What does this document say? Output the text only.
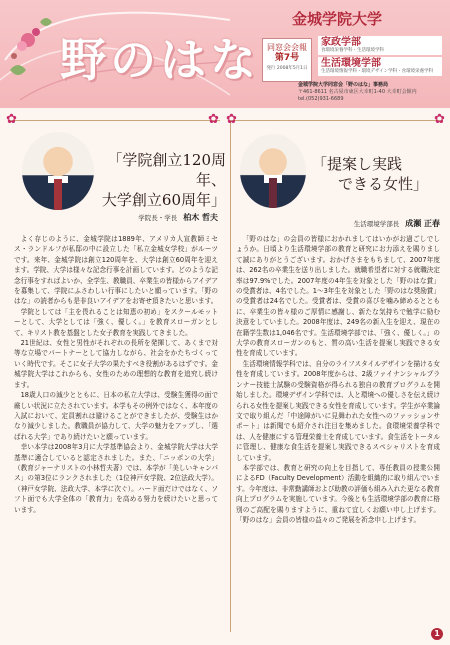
野のはな
金城学院大学
同窓会会報
第7号
発行 2008年5月1日
家政学部
食環境栄養学科・生活環境学科
生活環境学部
生活環境情報学科・環境デザイン学科・食環境栄養学科
金城学院大学同窓会「野のはな」事務局
〒461-8611 名古屋市東区大幸町1-40 大幸町会館内
tel.(052)931-6689
✿	✿
「学院創立120周年、
大学創立60周年」
学院長・学長 柏木 哲夫

よく存じのように、金城学院は1889年、アメリカ人宣教師ミセス・ランドルフが私邸の中に設立した「私立金城女学校」がルーツです。来年、金城学院は創立120周年を、大学は創立60周年を迎えます。学院、大学は様々な記念行事を計画しています。どのような記念行事をすればよいか、全学生、教職員、卒業生の皆様からアイデアを募集して、学院にふさわしい行事にしたいと願っています。「野のはな」の読者からも是非良いアイデアをお寄せ頂きたいと思います。

学院としては「主を畏れることは知恵の初め」をスクールモットーとして、大学としては「強く、優しく。」を教育スローガンとして、キリスト教を基盤とした女子教育を実践してきました。

21世紀は、女性と男性がそれぞれの長所を発揮して、あくまで対等な立場でパートナーとして協力しながら、社会をかたちづくっていく時代です。そこに女子大学の果たすべき役割があるはずです。金城学院大学はこれからも、女性のための理想的な教育を追究し続けます。

18歳人口の減少とともに、日本の私立大学は、受験生獲得の面で厳しい状況に立たされています。本学もその例外ではなく、本年度の入試において、定員割れは避けることができましたが、受験生はかなり減少しました。教職員が協力して、大学の魅力をアップし、「選ばれる大学」であり続けたいと願っています。

幸い本学は2008年3月に大学基準協会より、金城学院大学は大学基準に適合していると認定されました。また、「ニッポンの大学」（教育ジャーナリストの小林哲夫著）では、本学が「美しいキャンパス」の第3位にランクされました（1位神戸女学院、2位法政大学）。（神戸女学院、法政大学、本学に次ぐ）。ハード面だけではなく、ソフト面でも大学全体の「教育力」を高める努力を続けたいと思っています。

✿	✿
「提案し実践
できる女性」
生活環境学部長 成瀬 正春

「野のはな」の会員の皆様におかれましてはいかがお過ごしでしょうか。日頃より生活環境学部の教育と研究にお力添えを賜りまして誠にありがとうございます。おかげさまをもちまして、2007年度は、262名の卒業生を送り出しました。就職希望者に対する就職決定率は97.9%でした。2007年度の4年生を対象とした「野のはな賞」の受賞者は、4名でした。1〜3年生を対象とした「野のはな奨励賞」の受賞者は24名でした。受賞者は、受賞の喜びを噛み締めるとともに、卒業生の皆々様のご厚情に感謝し、新たな気持ちで勉学に励む決意をしていました。2008年度は、249名の新入生を迎え、現在の在籍学生数は1,046名です。生活環境学部では、「強く、優しく。」の大学の教育スローガンのもと、質の高い生活を提案し実践できる女性を育成しています。

生活環境情報学科では、自分のライフスタイルデザインを描ける女性を育成しています。2008年度からは、2級ファイナンシャルプランナー技能士試験の受験資格が得られる独自の教育プログラムを開始しました。環境デザイン学科では、人と環境への優しさを伝え続けられる女性を提案し実践できる女性を育成しています。学生が卒業論文で取り組んだ「中途障がいに見舞われた女性へのファッションサポート」は新聞でも紹介され注目を集めました。食環境栄養学科では、人を健康にする管理栄養士を育成しています。食生活をトータルに管理し、健康な食生活を提案し実践できるスペシャリストを育成しています。

本学部では、教育と研究の向上を目指して、専任教員の授業公開によるFD（Faculty Development）活動を組織的に取り組んでいます。今年度は、非常勤講師および助教の評価も組み入れた更なる教育向上プログラムを実施しています。今後とも生活環境学部の教育に格別のご高配を賜りますように、重ねて宜しくお願い申し上げます。「野のはな」会員の皆様の益々のご発展を祈念申し上げます。

1
